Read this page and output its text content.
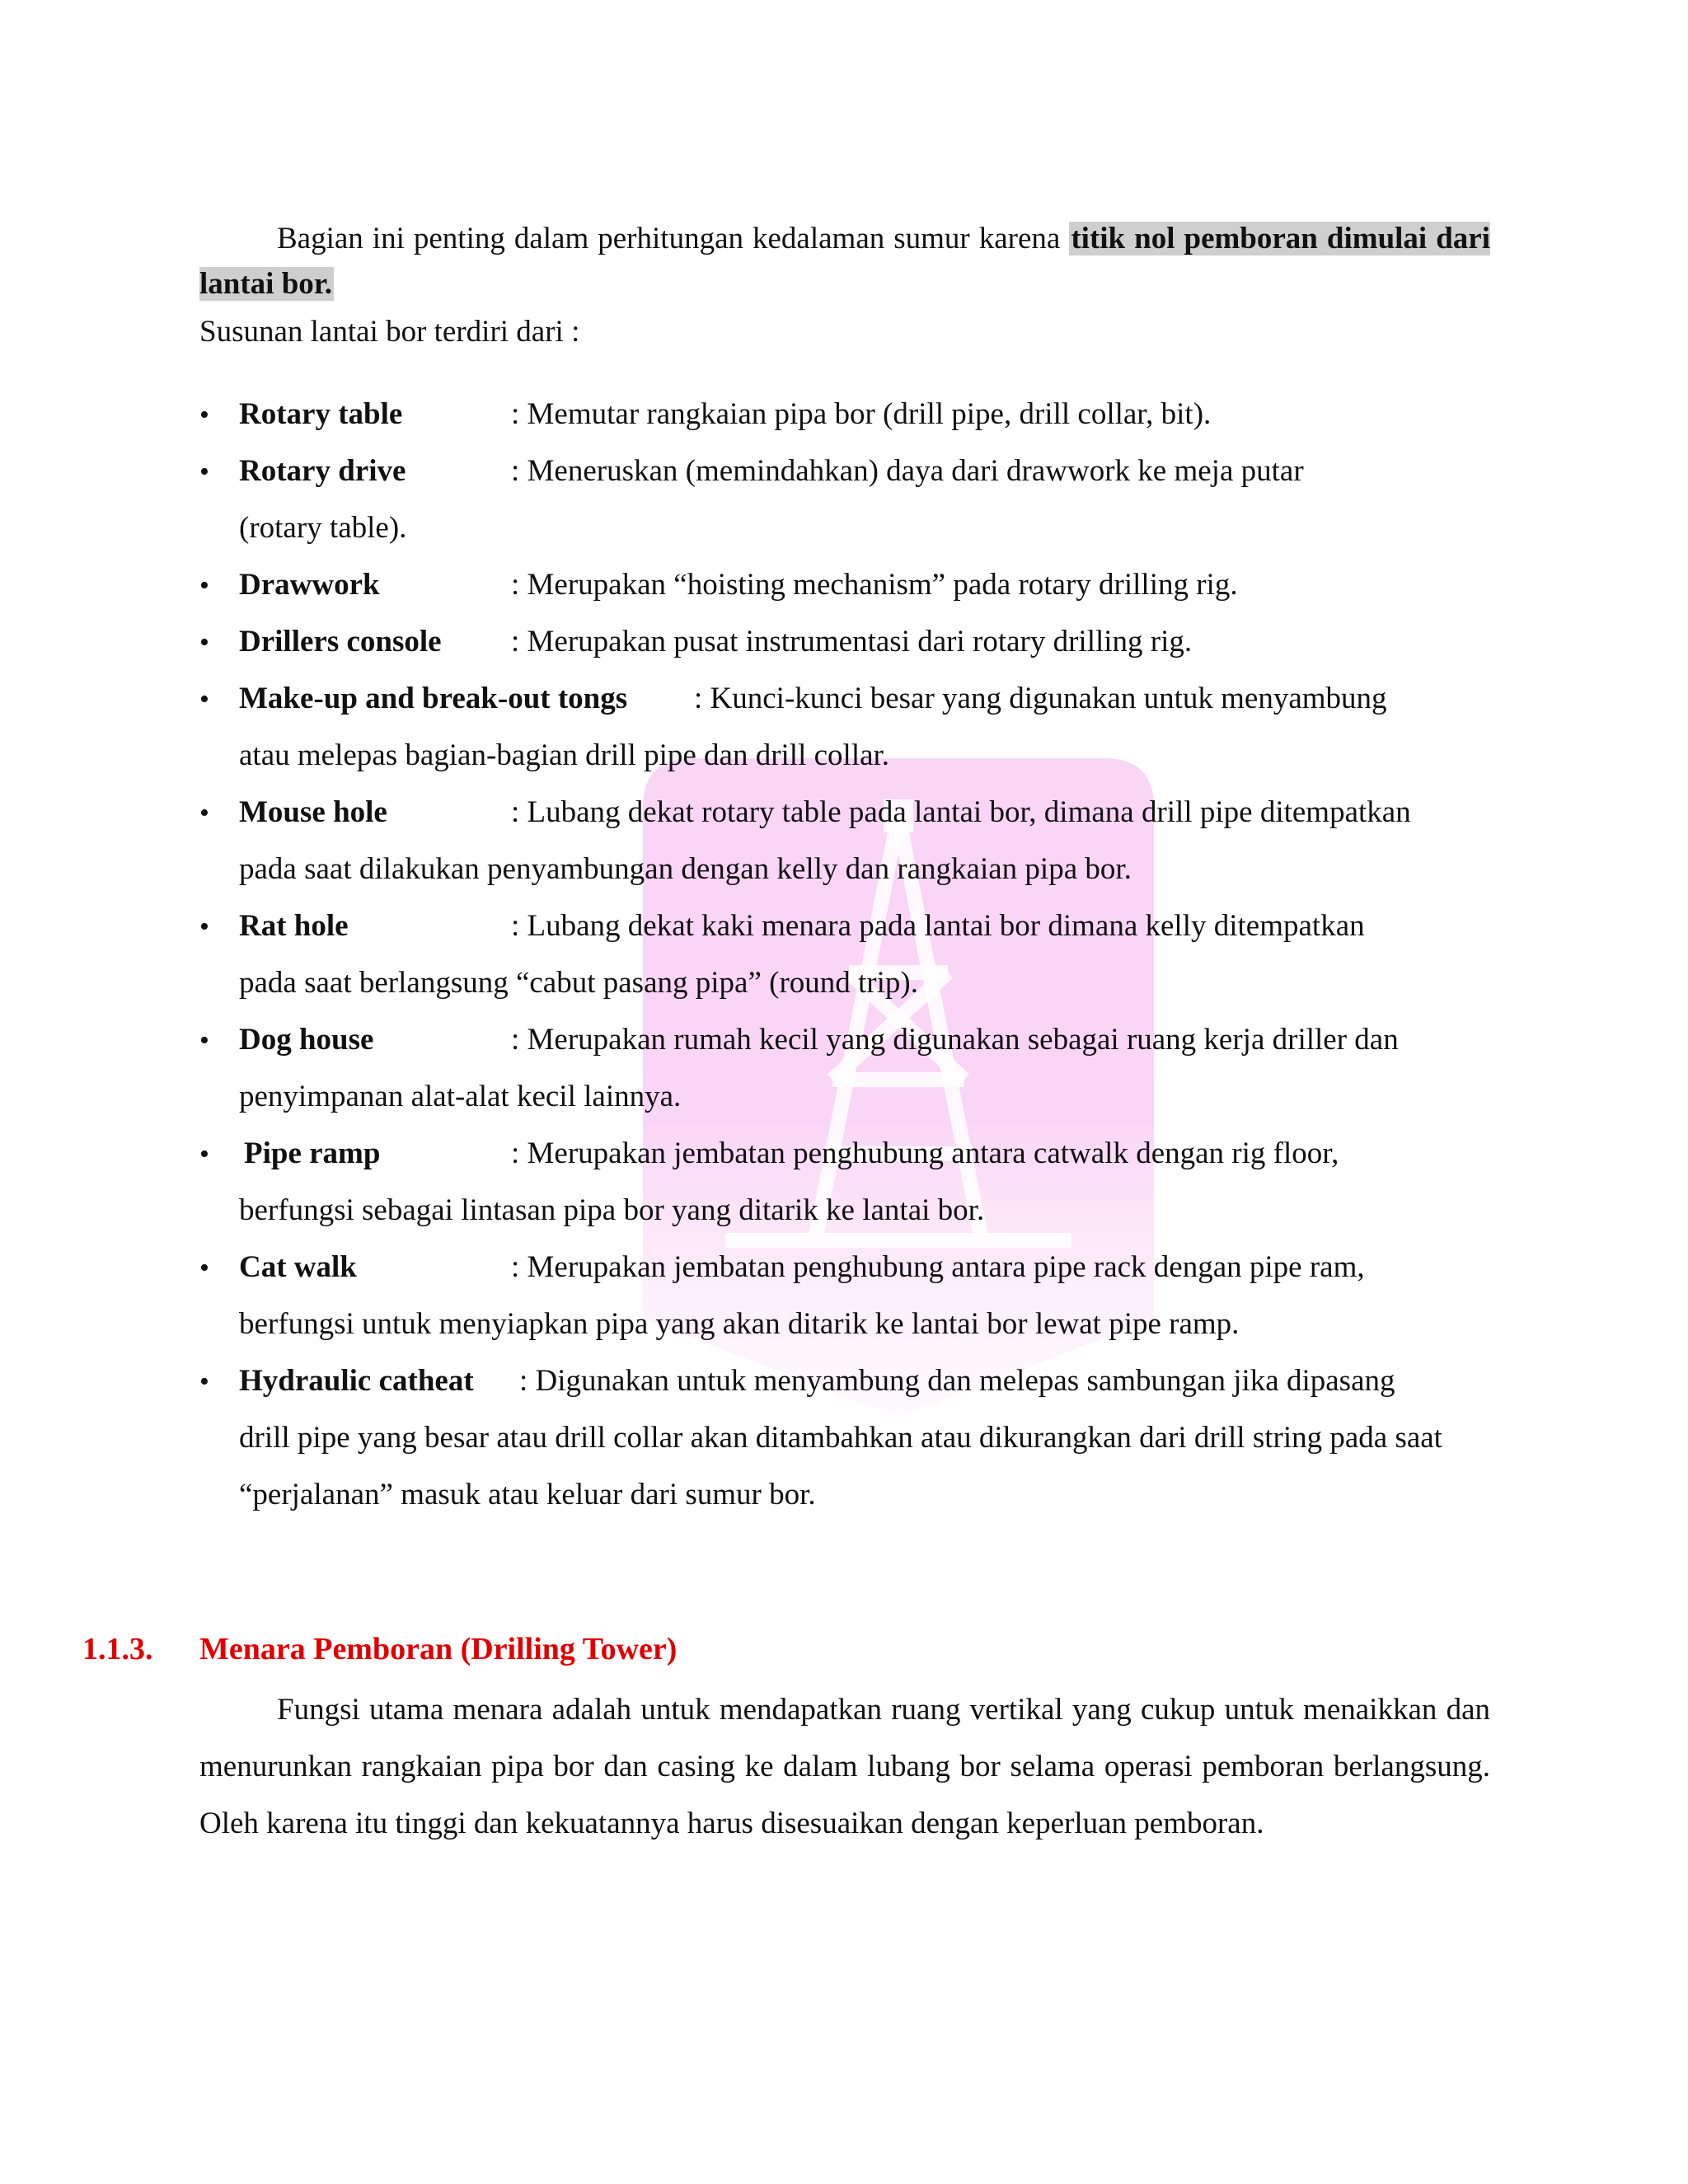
Bagian ini penting dalam perhitungan kedalaman sumur karena titik nol pemboran dimulai dari lantai bor.

Susunan lantai bor terdiri dari :

•
Rotary table	: Memutar rangkaian pipa bor (drill pipe, drill collar, bit).
•
Rotary drive	: Meneruskan (memindahkan) daya dari drawwork ke meja putar
(rotary table).
•
Drawwork	: Merupakan “hoisting mechanism” pada rotary drilling rig.
•
Drillers console	: Merupakan pusat instrumentasi dari rotary drilling rig.
•
Make-up and break-out tongs	: Kunci-kunci besar yang digunakan untuk menyambung
atau melepas bagian-bagian drill pipe dan drill collar.
•
Mouse hole	: Lubang dekat rotary table pada lantai bor, dimana drill pipe ditempatkan
pada saat dilakukan penyambungan dengan kelly dan rangkaian pipa bor.
•
Rat hole	: Lubang dekat kaki menara pada lantai bor dimana kelly ditempatkan
pada saat berlangsung “cabut pasang pipa” (round trip).
•
Dog house	: Merupakan rumah kecil yang digunakan sebagai ruang kerja driller dan
penyimpanan alat-alat kecil lainnya.
•
Pipe ramp	: Merupakan jembatan penghubung antara catwalk dengan rig floor,
berfungsi sebagai lintasan pipa bor yang ditarik ke lantai bor.
•
Cat walk	: Merupakan jembatan penghubung antara pipe rack dengan pipe ram,
berfungsi untuk menyiapkan pipa yang akan ditarik ke lantai bor lewat pipe ramp.
•
Hydraulic catheat	: Digunakan untuk menyambung dan melepas sambungan jika dipasang
drill pipe yang besar atau drill collar akan ditambahkan atau dikurangkan dari drill string pada saat “perjalanan” masuk atau keluar dari sumur bor.
1.1.3. Menara Pemboran (Drilling Tower)

Fungsi utama menara adalah untuk mendapatkan ruang vertikal yang cukup untuk menaikkan dan menurunkan rangkaian pipa bor dan casing ke dalam lubang bor selama operasi pemboran berlangsung. Oleh karena itu tinggi dan kekuatannya harus disesuaikan dengan keperluan pemboran.
